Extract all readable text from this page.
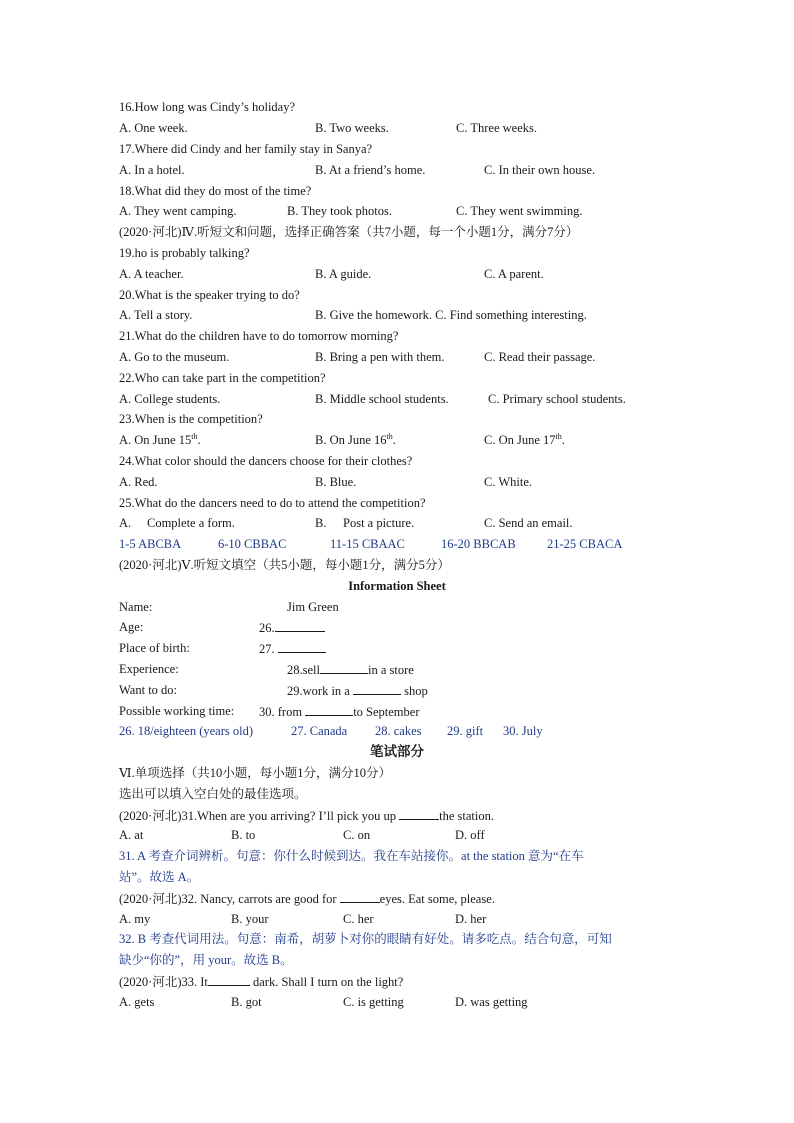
16.How long was Cindy’s holiday?
A. One week.	B. Two weeks.	C. Three weeks.
17.Where did Cindy and her family stay in Sanya?
A. In a hotel.	B. At a friend’s home.	C. In their own house.
18.What did they do most of the time?
A. They went camping.	B. They took photos.	C. They went swimming.
(2020·河北)Ⅳ.听短文和问题，选择正确答案（共7小题，每一个小题1分，满分7分）
19.ho is probably talking?
A. A teacher.	B. A guide.	C. A parent.
20.What is the speaker trying to do?
A. Tell a story.	B. Give the homework. C. Find something interesting.
21.What do the children have to do tomorrow morning?
A. Go to the museum.	B. Bring a pen with them.	C. Read their passage.
22.Who can take part in the competition?
A. College students.	B. Middle school students.	C. Primary school students.
23.When is the competition?
A. On June 15th.	B. On June 16th.	C. On June 17th.
24.What color should the dancers choose for their clothes?
A. Red.	B. Blue.	C. White.
25.What do the dancers need to do to attend the competition?
A. Complete a form.	B. Post a picture.	C. Send an email.
1-5 ABCBA	6-10 CBBAC	11-15 CBAAC	16-20 BBCAB	21-25 CBACA
(2020·河北)Ⅴ.听短文填空（共5小题，每小题1分，满分5分）
Information Sheet
Name:	Jim Green
Age:	26.
Place of birth:	27.
Experience:	28.sell	in a store
Want to do:	29.work in a	shop
Possible working time: 30. from	to September
26. 18/eighteen (years old)	27. Canada 28. cakes 29. gift 30. July
笔试部分
Ⅵ.单项选择（共10小题，每小题1分，满分10分）
选出可以填入空白处的最佳选项。
(2020·河北)31.When are you arriving? I’ll pick you up	the station.
A. at	B. to	C. on	D. off
31. A 考查介词辨析。句意：你什么时候到达。我在车站接你。at the station 意为“在车
站”。故选 A。
(2020·河北)32. Nancy, carrots are good for	eyes. Eat some, please.
A. my	B. your	C. her	D. her
32. B 考查代词用法。句意：南希，胡萝卜对你的眼睛有好处。请多吃点。结合句意，可知
缺少“你的”，用 your。故选 B。
(2020·河北)33. It	dark. Shall I turn on the light?
A. gets	B. got	C. is getting	D. was getting
